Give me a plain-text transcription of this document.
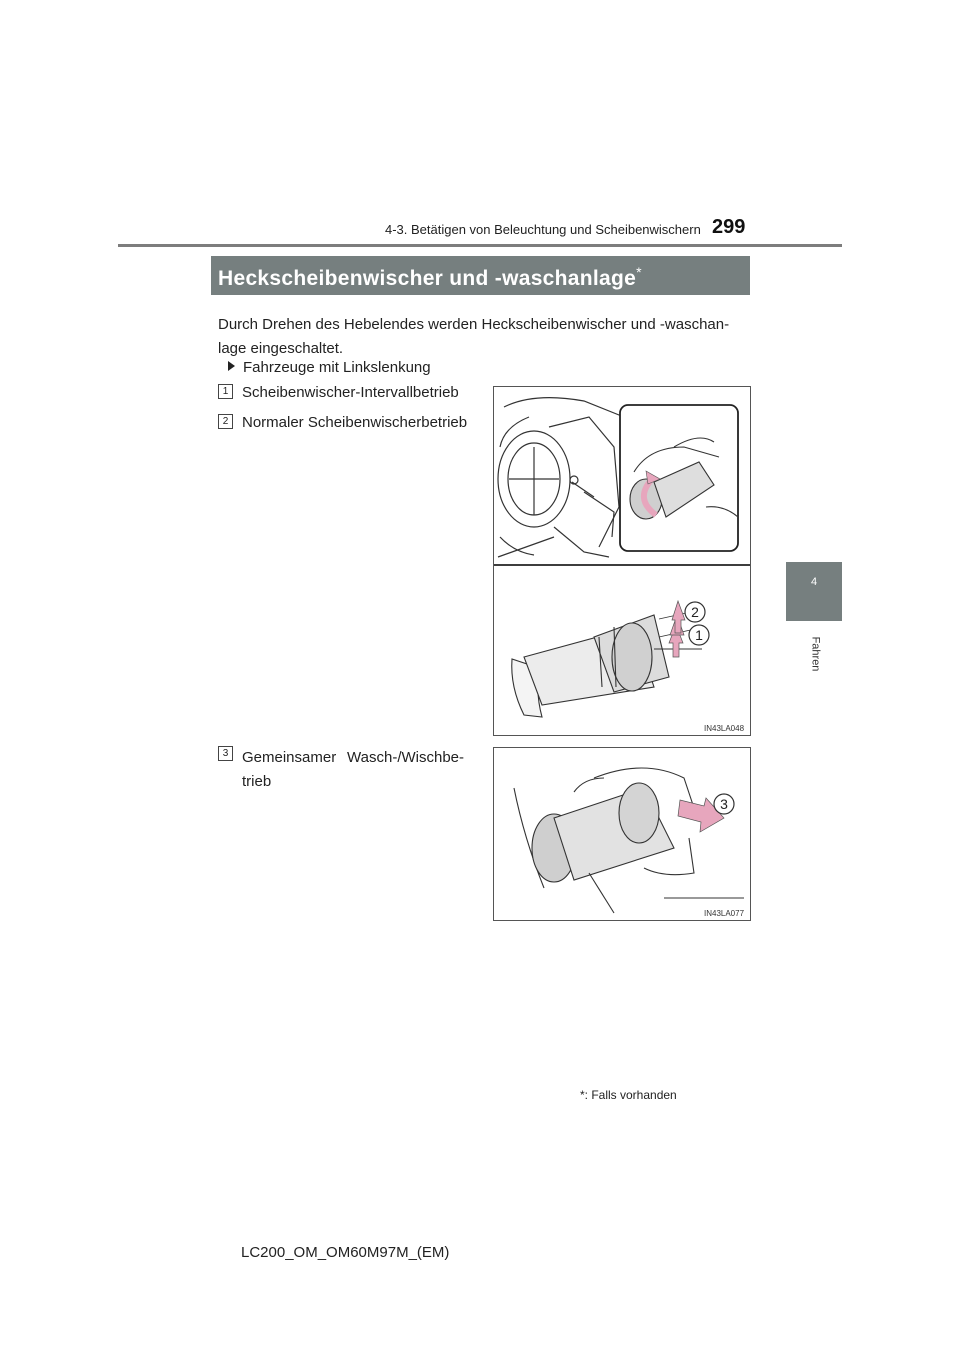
4-3. Betätigen von Beleuchtung und Scheibenwischern 299
4
Fahren
Heckscheibenwischer und -waschanlage*
Durch Drehen des Hebelendes werden Heckscheibenwischer und -waschan- lage eingeschaltet.
Fahrzeuge mit Linkslenkung
1 Scheibenwischer-Intervallbetrieb
2 Normaler Scheibenwischerbetrieb
3 Gemeinsamer Wasch-/Wischbe- trieb
2
1
IN43LA048
3
IN43LA077
*: Falls vorhanden
LC200_OM_OM60M97M_(EM)
